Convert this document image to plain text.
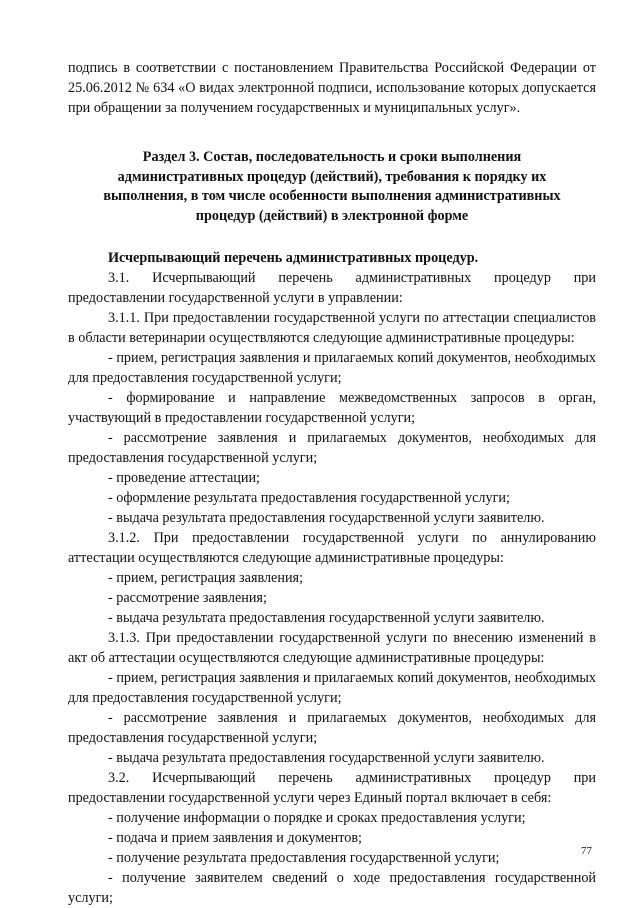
подпись в соответствии с постановлением Правительства Российской Федерации от 25.06.2012 № 634 «О видах электронной подписи, использование которых допускается при обращении за получением государственных и муниципальных услуг».

Раздел 3. Состав, последовательность и сроки выполнения административных процедур (действий), требования к порядку их выполнения, в том числе особенности выполнения административных процедур (действий) в электронной форме

Исчерпывающий перечень административных процедур.

3.1. Исчерпывающий перечень административных процедур при предоставлении государственной услуги в управлении:

3.1.1. При предоставлении государственной услуги по аттестации специалистов в области ветеринарии осуществляются следующие административные процедуры:

- прием, регистрация заявления и прилагаемых копий документов, необходимых для предоставления государственной услуги;

- формирование и направление межведомственных запросов в орган, участвующий в предоставлении государственной услуги;

- рассмотрение заявления и прилагаемых документов, необходимых для предоставления государственной услуги;

- проведение аттестации;

- оформление результата предоставления государственной услуги;

- выдача результата предоставления государственной услуги заявителю.

3.1.2. При предоставлении государственной услуги по аннулированию аттестации осуществляются следующие административные процедуры:

- прием, регистрация заявления;

- рассмотрение заявления;

- выдача результата предоставления государственной услуги заявителю.

3.1.3. При предоставлении государственной услуги по внесению изменений в акт об аттестации осуществляются следующие административные процедуры:

- прием, регистрация заявления и прилагаемых копий документов, необходимых для предоставления государственной услуги;

- рассмотрение заявления и прилагаемых документов, необходимых для предоставления государственной услуги;

- выдача результата предоставления государственной услуги заявителю.

3.2. Исчерпывающий перечень административных процедур при предоставлении государственной услуги через Единый портал включает в себя:

- получение информации о порядке и сроках предоставления услуги;

- подача и прием заявления и документов;

- получение результата предоставления государственной услуги;

- получение заявителем сведений о ходе предоставления государственной услуги;

77
